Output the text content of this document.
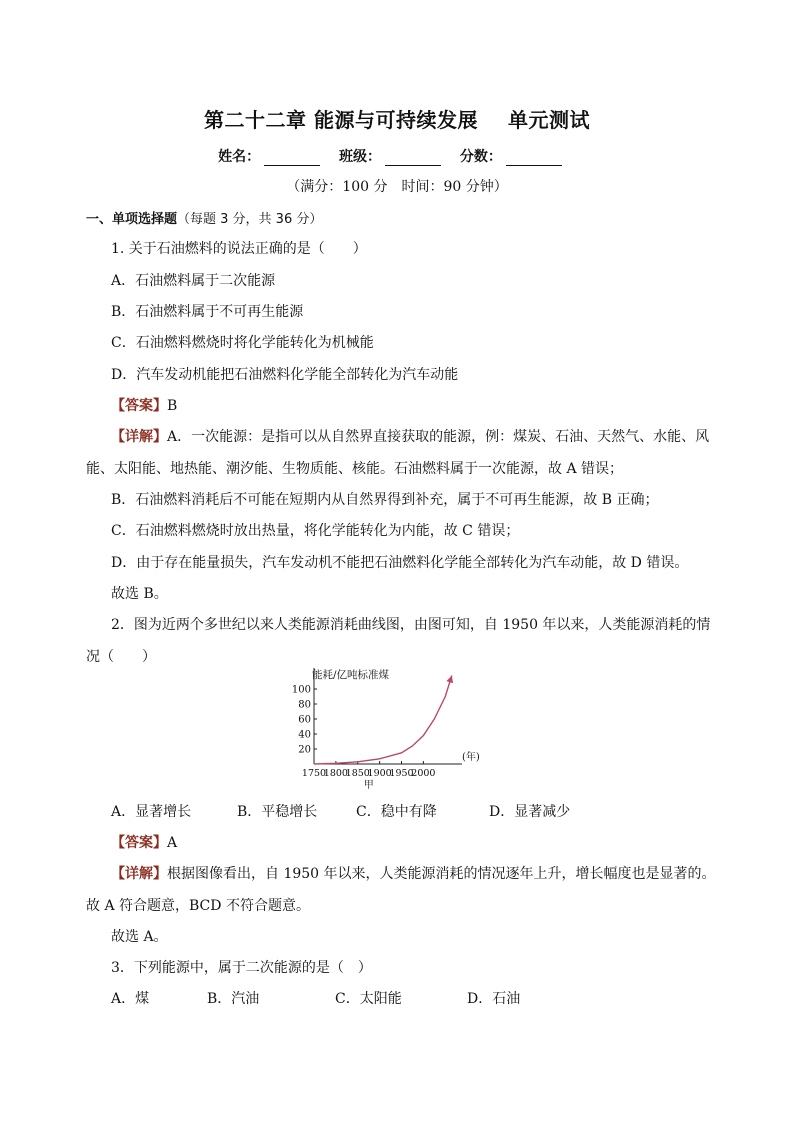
第二十二章 能源与可持续发展 单元测试
姓名：	班级：	分数：
（满分：100 分　时间：90 分钟）
一、单项选择题（每题 3 分，共 36 分）
1. 关于石油燃料的说法正确的是（　　）
A．石油燃料属于二次能源
B．石油燃料属于不可再生能源
C．石油燃料燃烧时将化学能转化为机械能
D．汽车发动机能把石油燃料化学能全部转化为汽车动能
【答案】B
【详解】A．一次能源：是指可以从自然界直接获取的能源，例：煤炭、石油、天然气、水能、风
能、太阳能、地热能、潮汐能、生物质能、核能。石油燃料属于一次能源，故 A 错误；
B．石油燃料消耗后不可能在短期内从自然界得到补充，属于不可再生能源，故 B 正确；
C．石油燃料燃烧时放出热量，将化学能转化为内能，故 C 错误；
D．由于存在能量损失，汽车发动机不能把石油燃料化学能全部转化为汽车动能，故 D 错误。
故选 B。
2．图为近两个多世纪以来人类能源消耗曲线图，由图可知，自 1950 年以来，人类能源消耗的情
况（　　）
能耗/亿吨标准煤
(年)
20
40
60
80
100
1750
1800
1850
1900
1950
2000
甲
A．显著增长	B．平稳增长	C．稳中有降	D．显著减少
【答案】A
【详解】根据图像看出，自 1950 年以来，人类能源消耗的情况逐年上升，增长幅度也是显著的。
故 A 符合题意，BCD 不符合题意。
故选 A。
3．下列能源中，属于二次能源的是（　）
A．煤	B．汽油	C．太阳能	D．石油
